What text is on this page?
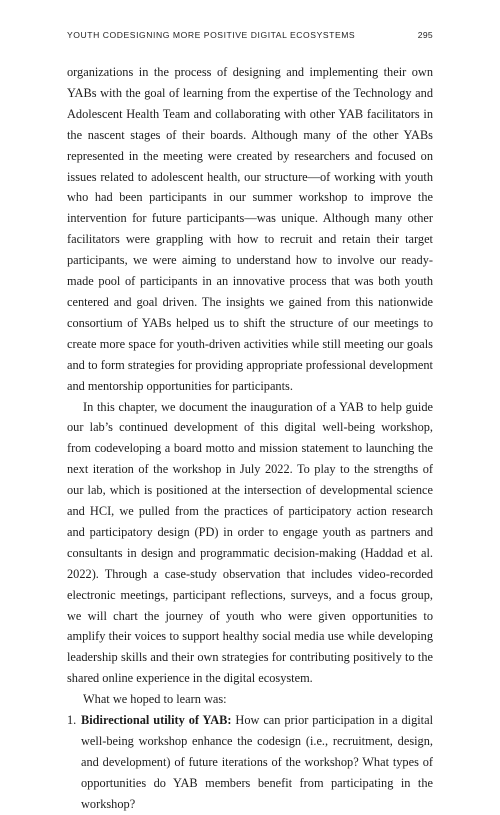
YOUTH CODESIGNING MORE POSITIVE DIGITAL ECOSYSTEMS	295

organizations in the process of designing and implementing their own YABs with the goal of learning from the expertise of the Technology and Adolescent Health Team and collaborating with other YAB facilitators in the nascent stages of their boards. Although many of the other YABs represented in the meeting were created by researchers and focused on issues related to adolescent health, our structure—of working with youth who had been participants in our summer workshop to improve the intervention for future participants—was unique. Although many other facilitators were grappling with how to recruit and retain their target participants, we were aiming to understand how to involve our ready-made pool of participants in an innovative process that was both youth centered and goal driven. The insights we gained from this nationwide consortium of YABs helped us to shift the structure of our meetings to create more space for youth-driven activities while still meeting our goals and to form strategies for providing appropriate professional development and mentorship opportunities for participants.

In this chapter, we document the inauguration of a YAB to help guide our lab’s continued development of this digital well-being workshop, from codeveloping a board motto and mission statement to launching the next iteration of the workshop in July 2022. To play to the strengths of our lab, which is positioned at the intersection of developmental science and HCI, we pulled from the practices of participatory action research and participatory design (PD) in order to engage youth as partners and consultants in design and programmatic decision-making (Haddad et al. 2022). Through a case-study observation that includes video-recorded electronic meetings, participant reflections, surveys, and a focus group, we will chart the journey of youth who were given opportunities to amplify their voices to support healthy social media use while developing leadership skills and their own strategies for contributing positively to the shared online experience in the digital ecosystem.

What we hoped to learn was:

1. Bidirectional utility of YAB: How can prior participation in a digital well-being workshop enhance the codesign (i.e., recruitment, design, and development) of future iterations of the workshop? What types of opportunities do YAB members benefit from participating in the workshop?
